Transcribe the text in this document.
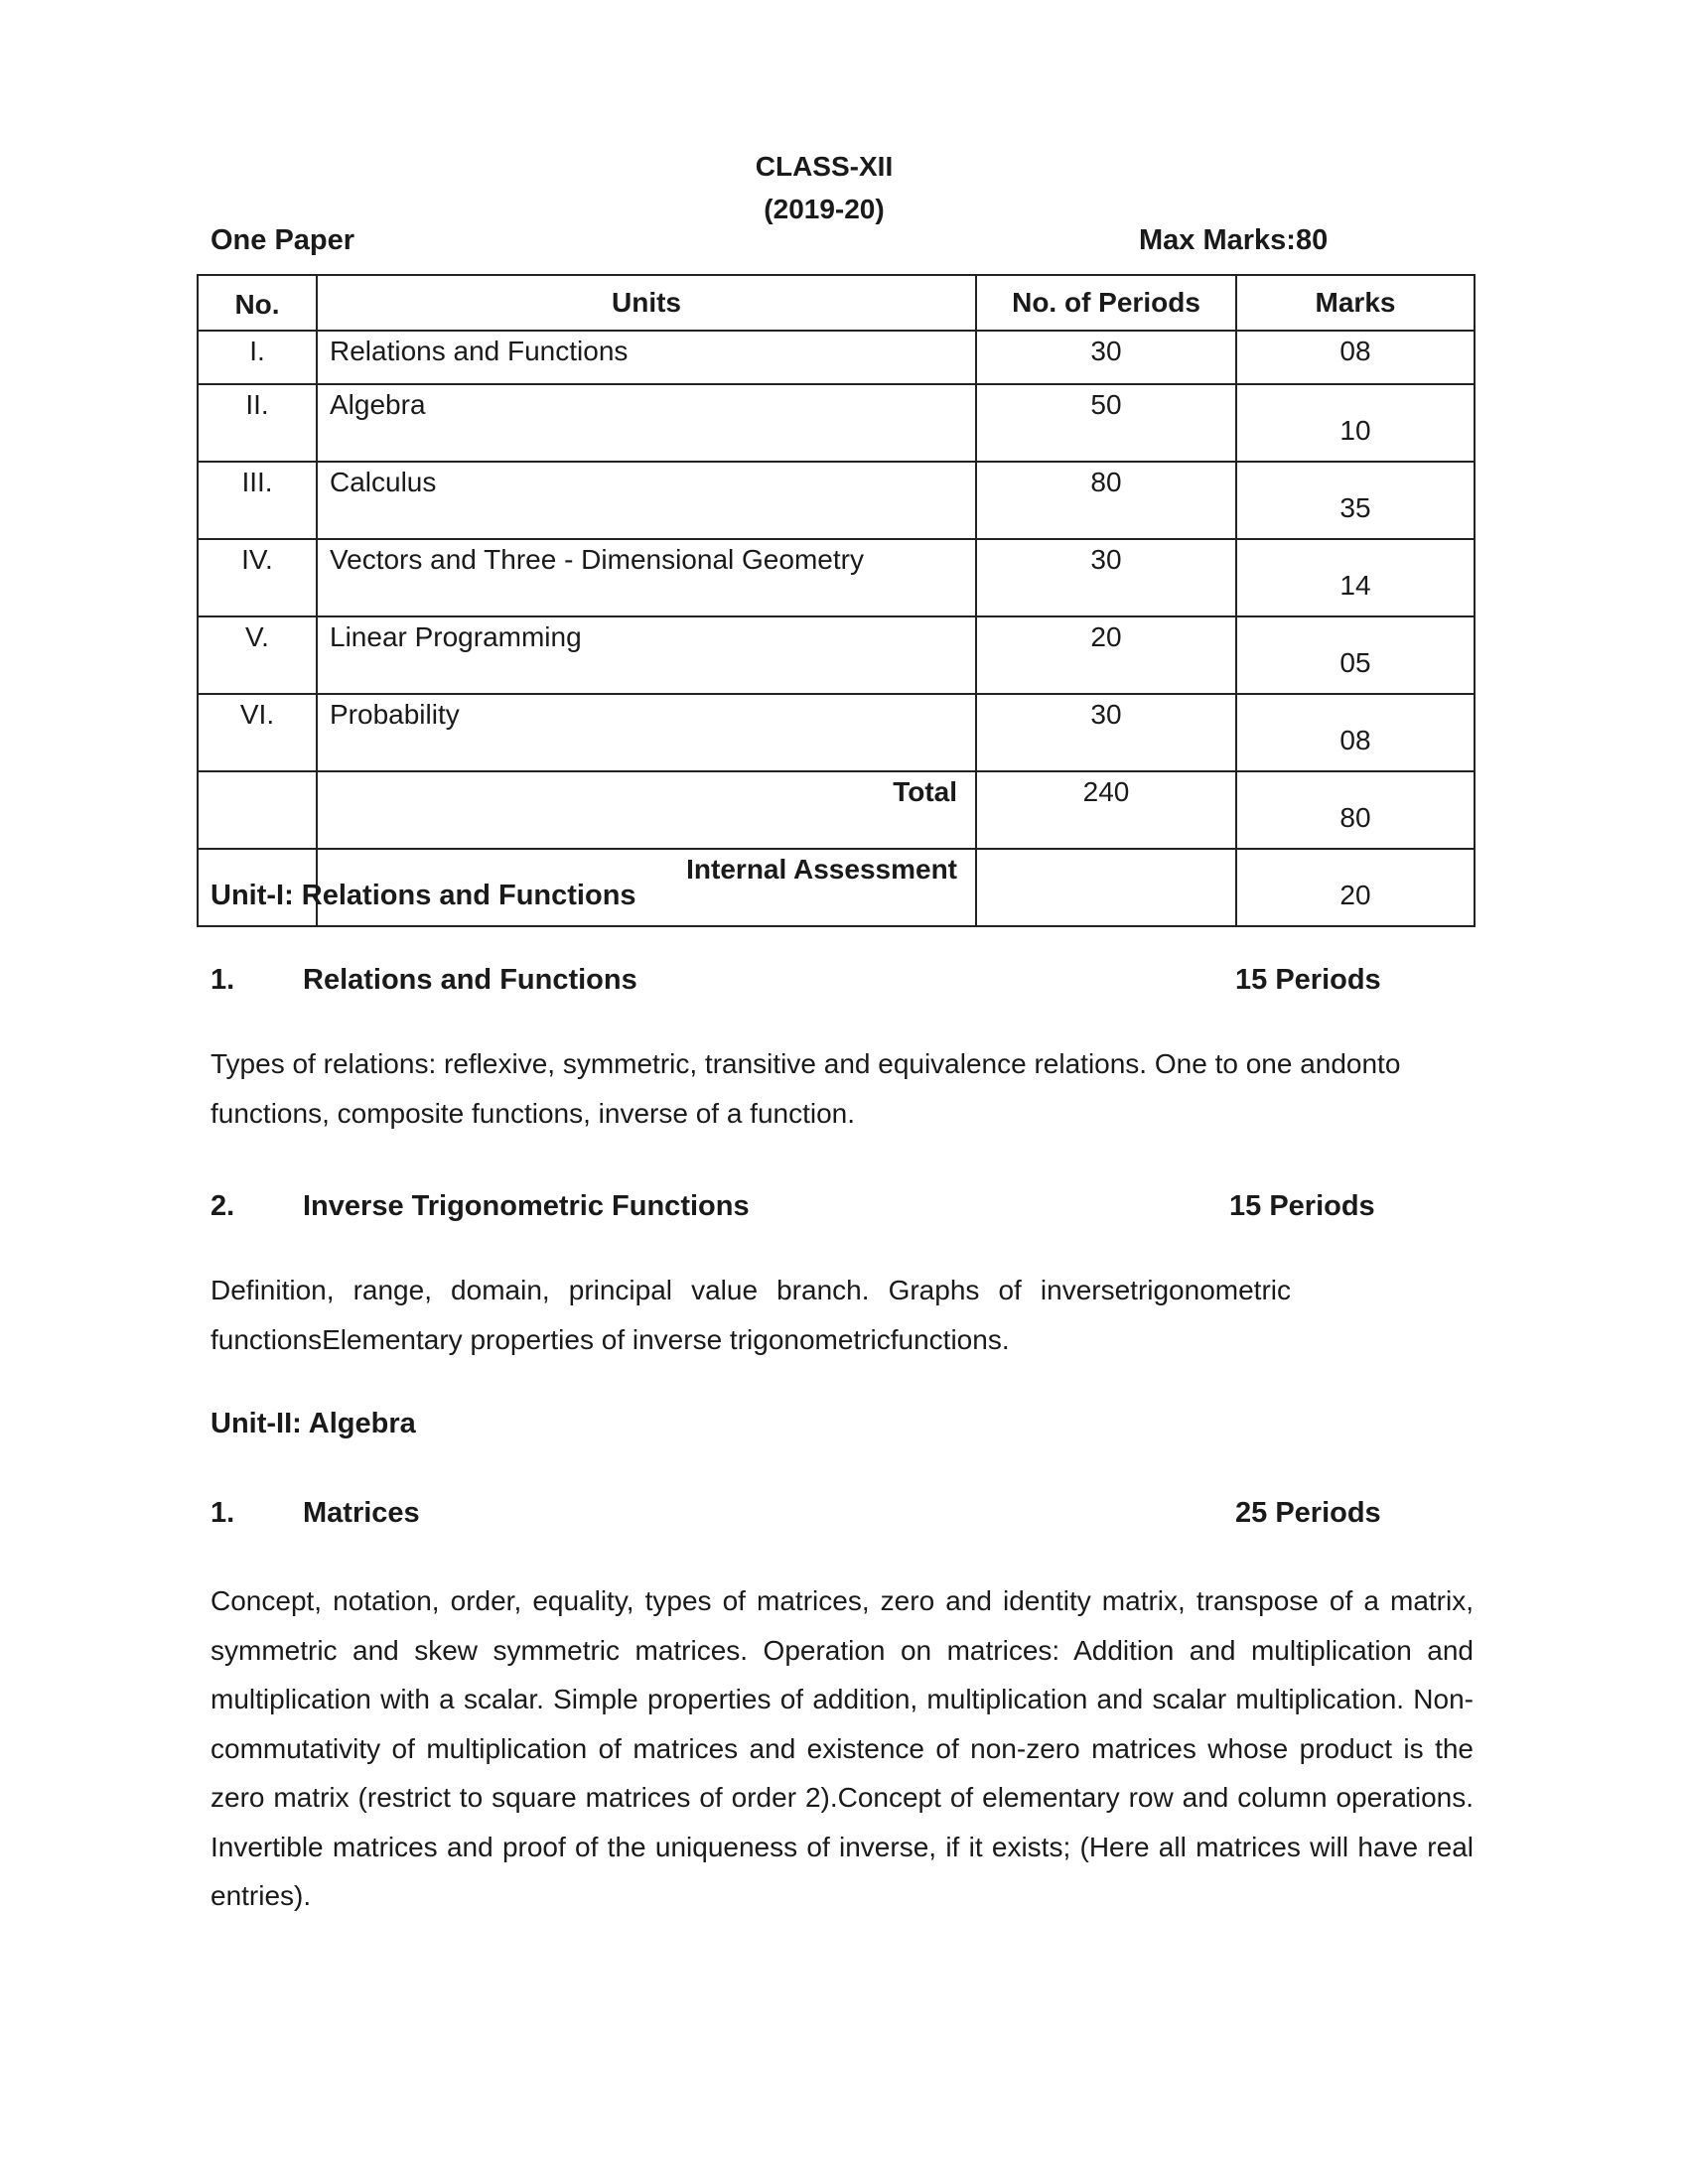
CLASS-XII
(2019-20)
One Paper	Max Marks:80
No.	Units	No. of Periods	Marks
I.	Relations and Functions	30	08
II.	Algebra	50	10
III.	Calculus	80	35
IV.	Vectors and Three - Dimensional Geometry	30	14
V.	Linear Programming	20	05
VI.	Probability	30	08
	Total	240	80
	Internal Assessment		20
Unit-I: Relations and Functions
1. Relations and Functions	15 Periods
Types of relations: reflexive, symmetric, transitive and equivalence relations. One to one andonto functions, composite functions, inverse of a function.
2. Inverse Trigonometric Functions	15 Periods
Definition, range, domain, principal value branch. Graphs of inversetrigonometric functionsElementary properties of inverse trigonometricfunctions.
Unit-II: Algebra
1. Matrices	25 Periods
Concept, notation, order, equality, types of matrices, zero and identity matrix, transpose of a matrix, symmetric and skew symmetric matrices. Operation on matrices: Addition and multiplication and multiplication with a scalar. Simple properties of addition, multiplication and scalar multiplication. Non- commutativity of multiplication of matrices and existence of non-zero matrices whose product is the zero matrix (restrict to square matrices of order 2).Concept of elementary row and column operations. Invertible matrices and proof of the uniqueness of inverse, if it exists; (Here all matrices will have real entries).
